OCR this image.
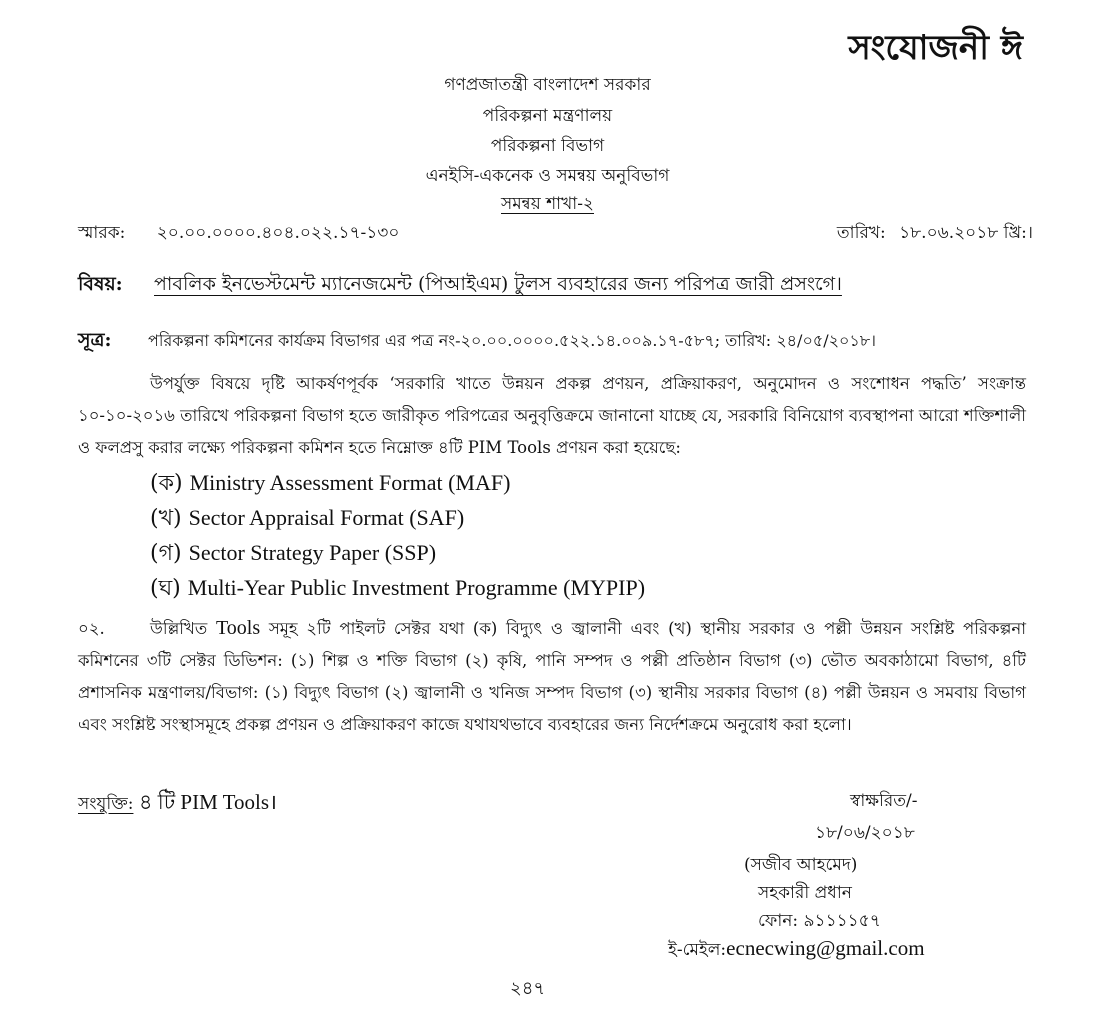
সংযোজনী ঈ
গণপ্রজাতন্ত্রী বাংলাদেশ সরকার
পরিকল্পনা মন্ত্রণালয়
পরিকল্পনা বিভাগ
এনইসি-একনেক ও সমন্বয় অনুবিভাগ
সমন্বয় শাখা-২
স্মারক: ২০.০০.০০০০.৪০৪.০২২.১৭-১৩০	তারিখ: ১৮.০৬.২০১৮ খ্রি:।
বিষয়: পাবলিক ইনভেস্টমেন্ট ম্যানেজমেন্ট (পিআইএম) টুলস ব্যবহারের জন্য পরিপত্র জারী প্রসংগে।
সূত্র: পরিকল্পনা কমিশনের কার্যক্রম বিভাগর এর পত্র নং-২০.০০.০০০০.৫২২.১৪.০০৯.১৭-৫৮৭; তারিখ: ২৪/০৫/২০১৮।
উপর্যুক্ত বিষয়ে দৃষ্টি আকর্ষণপূর্বক ‘সরকারি খাতে উন্নয়ন প্রকল্প প্রণয়ন, প্রক্রিয়াকরণ, অনুমোদন ও সংশোধন পদ্ধতি’ সংক্রান্ত ১০-১০-২০১৬ তারিখে পরিকল্পনা বিভাগ হতে জারীকৃত পরিপত্রের অনুবৃত্তিক্রমে জানানো যাচ্ছে যে, সরকারি বিনিয়োগ ব্যবস্থাপনা আরো শক্তিশালী ও ফলপ্রসু করার লক্ষ্যে পরিকল্পনা কমিশন হতে নিম্নোক্ত ৪টি PIM Tools প্রণয়ন করা হয়েছে:
(ক) Ministry Assessment Format (MAF)
(খ) Sector Appraisal Format (SAF)
(গ) Sector Strategy Paper (SSP)
(ঘ) Multi-Year Public Investment Programme (MYPIP)
০২.	উল্লিখিত Tools সমূহ ২টি পাইলট সেক্টর যথা (ক) বিদ্যুৎ ও জ্বালানী এবং (খ) স্থানীয় সরকার ও পল্লী উন্নয়ন সংশ্লিষ্ট পরিকল্পনা কমিশনের ৩টি সেক্টর ডিভিশন: (১) শিল্প ও শক্তি বিভাগ (২) কৃষি, পানি সম্পদ ও পল্লী প্রতিষ্ঠান বিভাগ (৩) ভৌত অবকাঠামো বিভাগ, ৪টি প্রশাসনিক মন্ত্রণালয়/বিভাগ: (১) বিদ্যুৎ বিভাগ (২) জ্বালানী ও খনিজ সম্পদ বিভাগ (৩) স্থানীয় সরকার বিভাগ (৪) পল্লী উন্নয়ন ও সমবায় বিভাগ এবং সংশ্লিষ্ট সংস্থাসমূহে প্রকল্প প্রণয়ন ও প্রক্রিয়াকরণ কাজে যথাযথভাবে ব্যবহারের জন্য নির্দেশক্রমে অনুরোধ করা হলো।
সংযুক্তি: ৪ টি PIM Tools।	স্বাক্ষরিত/-
১৮/০৬/২০১৮
(সজীব আহমেদ)
সহকারী প্রধান
ফোন: ৯১১১১৫৭
ই-মেইল:ecnecwing@gmail.com
২৪৭
